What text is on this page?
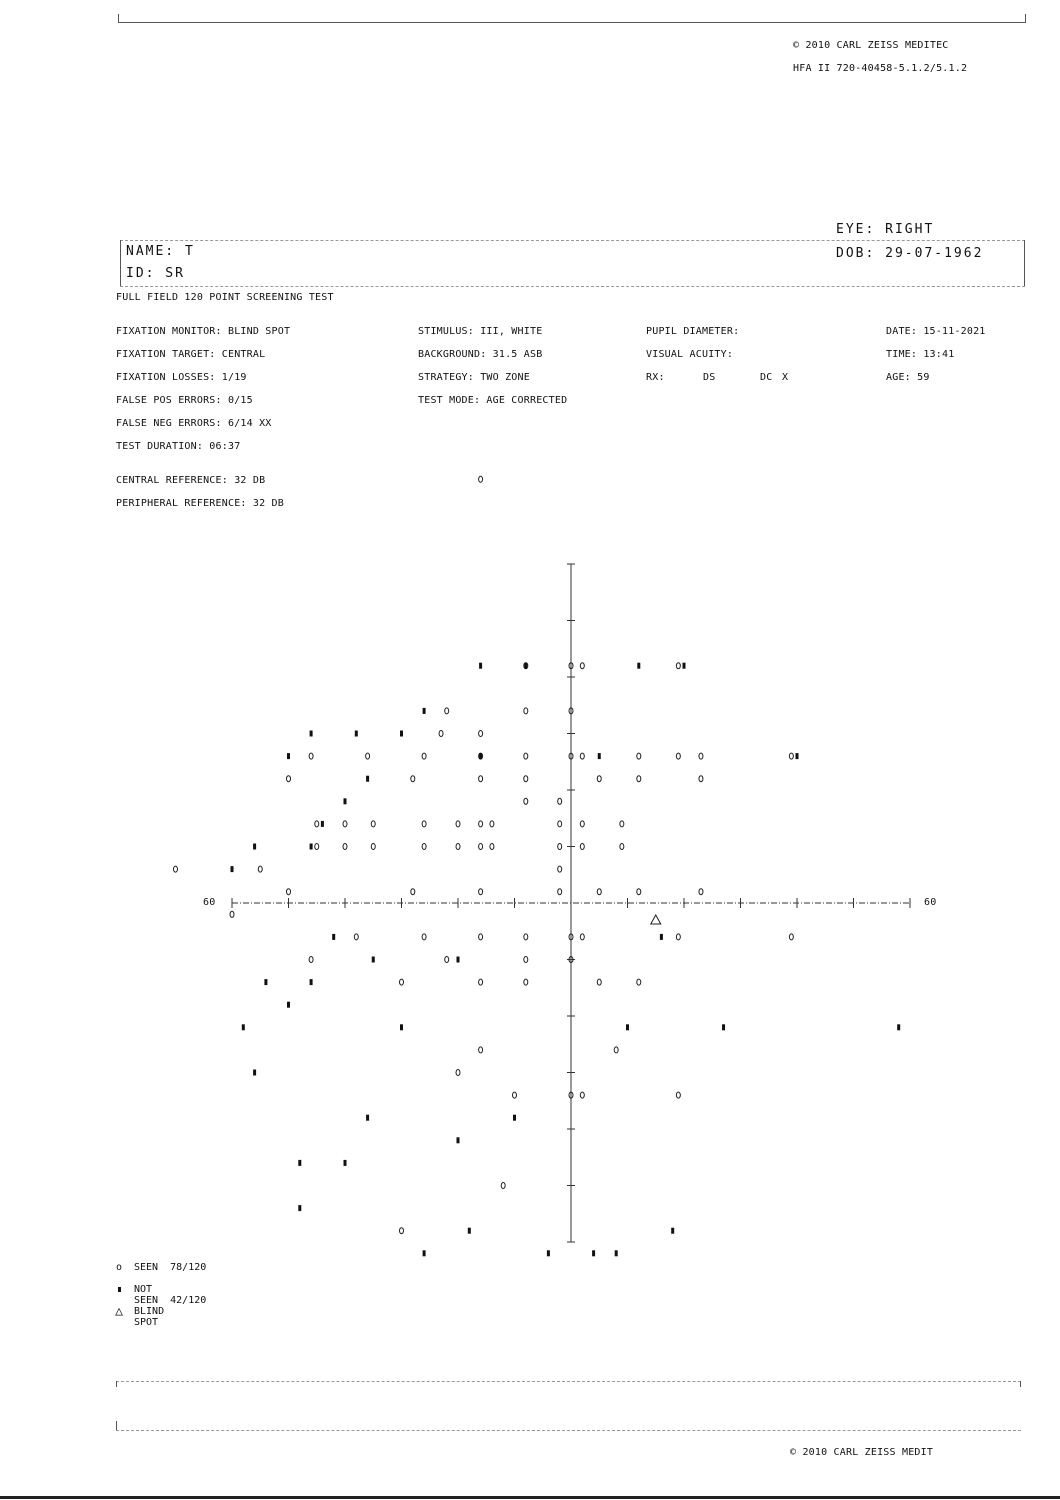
© 2010 CARL ZEISS MEDITEC
HFA II 720-40458-5.1.2/5.1.2
EYE: RIGHT
NAME: T
ID: SR
DOB: 29-07-1962
FULL FIELD 120 POINT SCREENING TEST
FIXATION MONITOR: BLIND SPOT
FIXATION TARGET: CENTRAL
FIXATION LOSSES: 1/19
FALSE POS ERRORS: 0/15
FALSE NEG ERRORS: 6/14 XX
TEST DURATION: 06:37
CENTRAL REFERENCE: 32 DB
PERIPHERAL REFERENCE: 32 DB
STIMULUS: III, WHITE
BACKGROUND: 31.5 ASB
STRATEGY: TWO ZONE
TEST MODE: AGE CORRECTED
PUPIL DIAMETER:
VISUAL ACUITY:
RX:	DS	DC X
DATE: 15-11-2021
TIME: 13:41
AGE: 59
60	60
o	SEEN 78/120
NOT SEEN 42/120
△	BLIND SPOT
© 2010 CARL ZEISS MEDIT
